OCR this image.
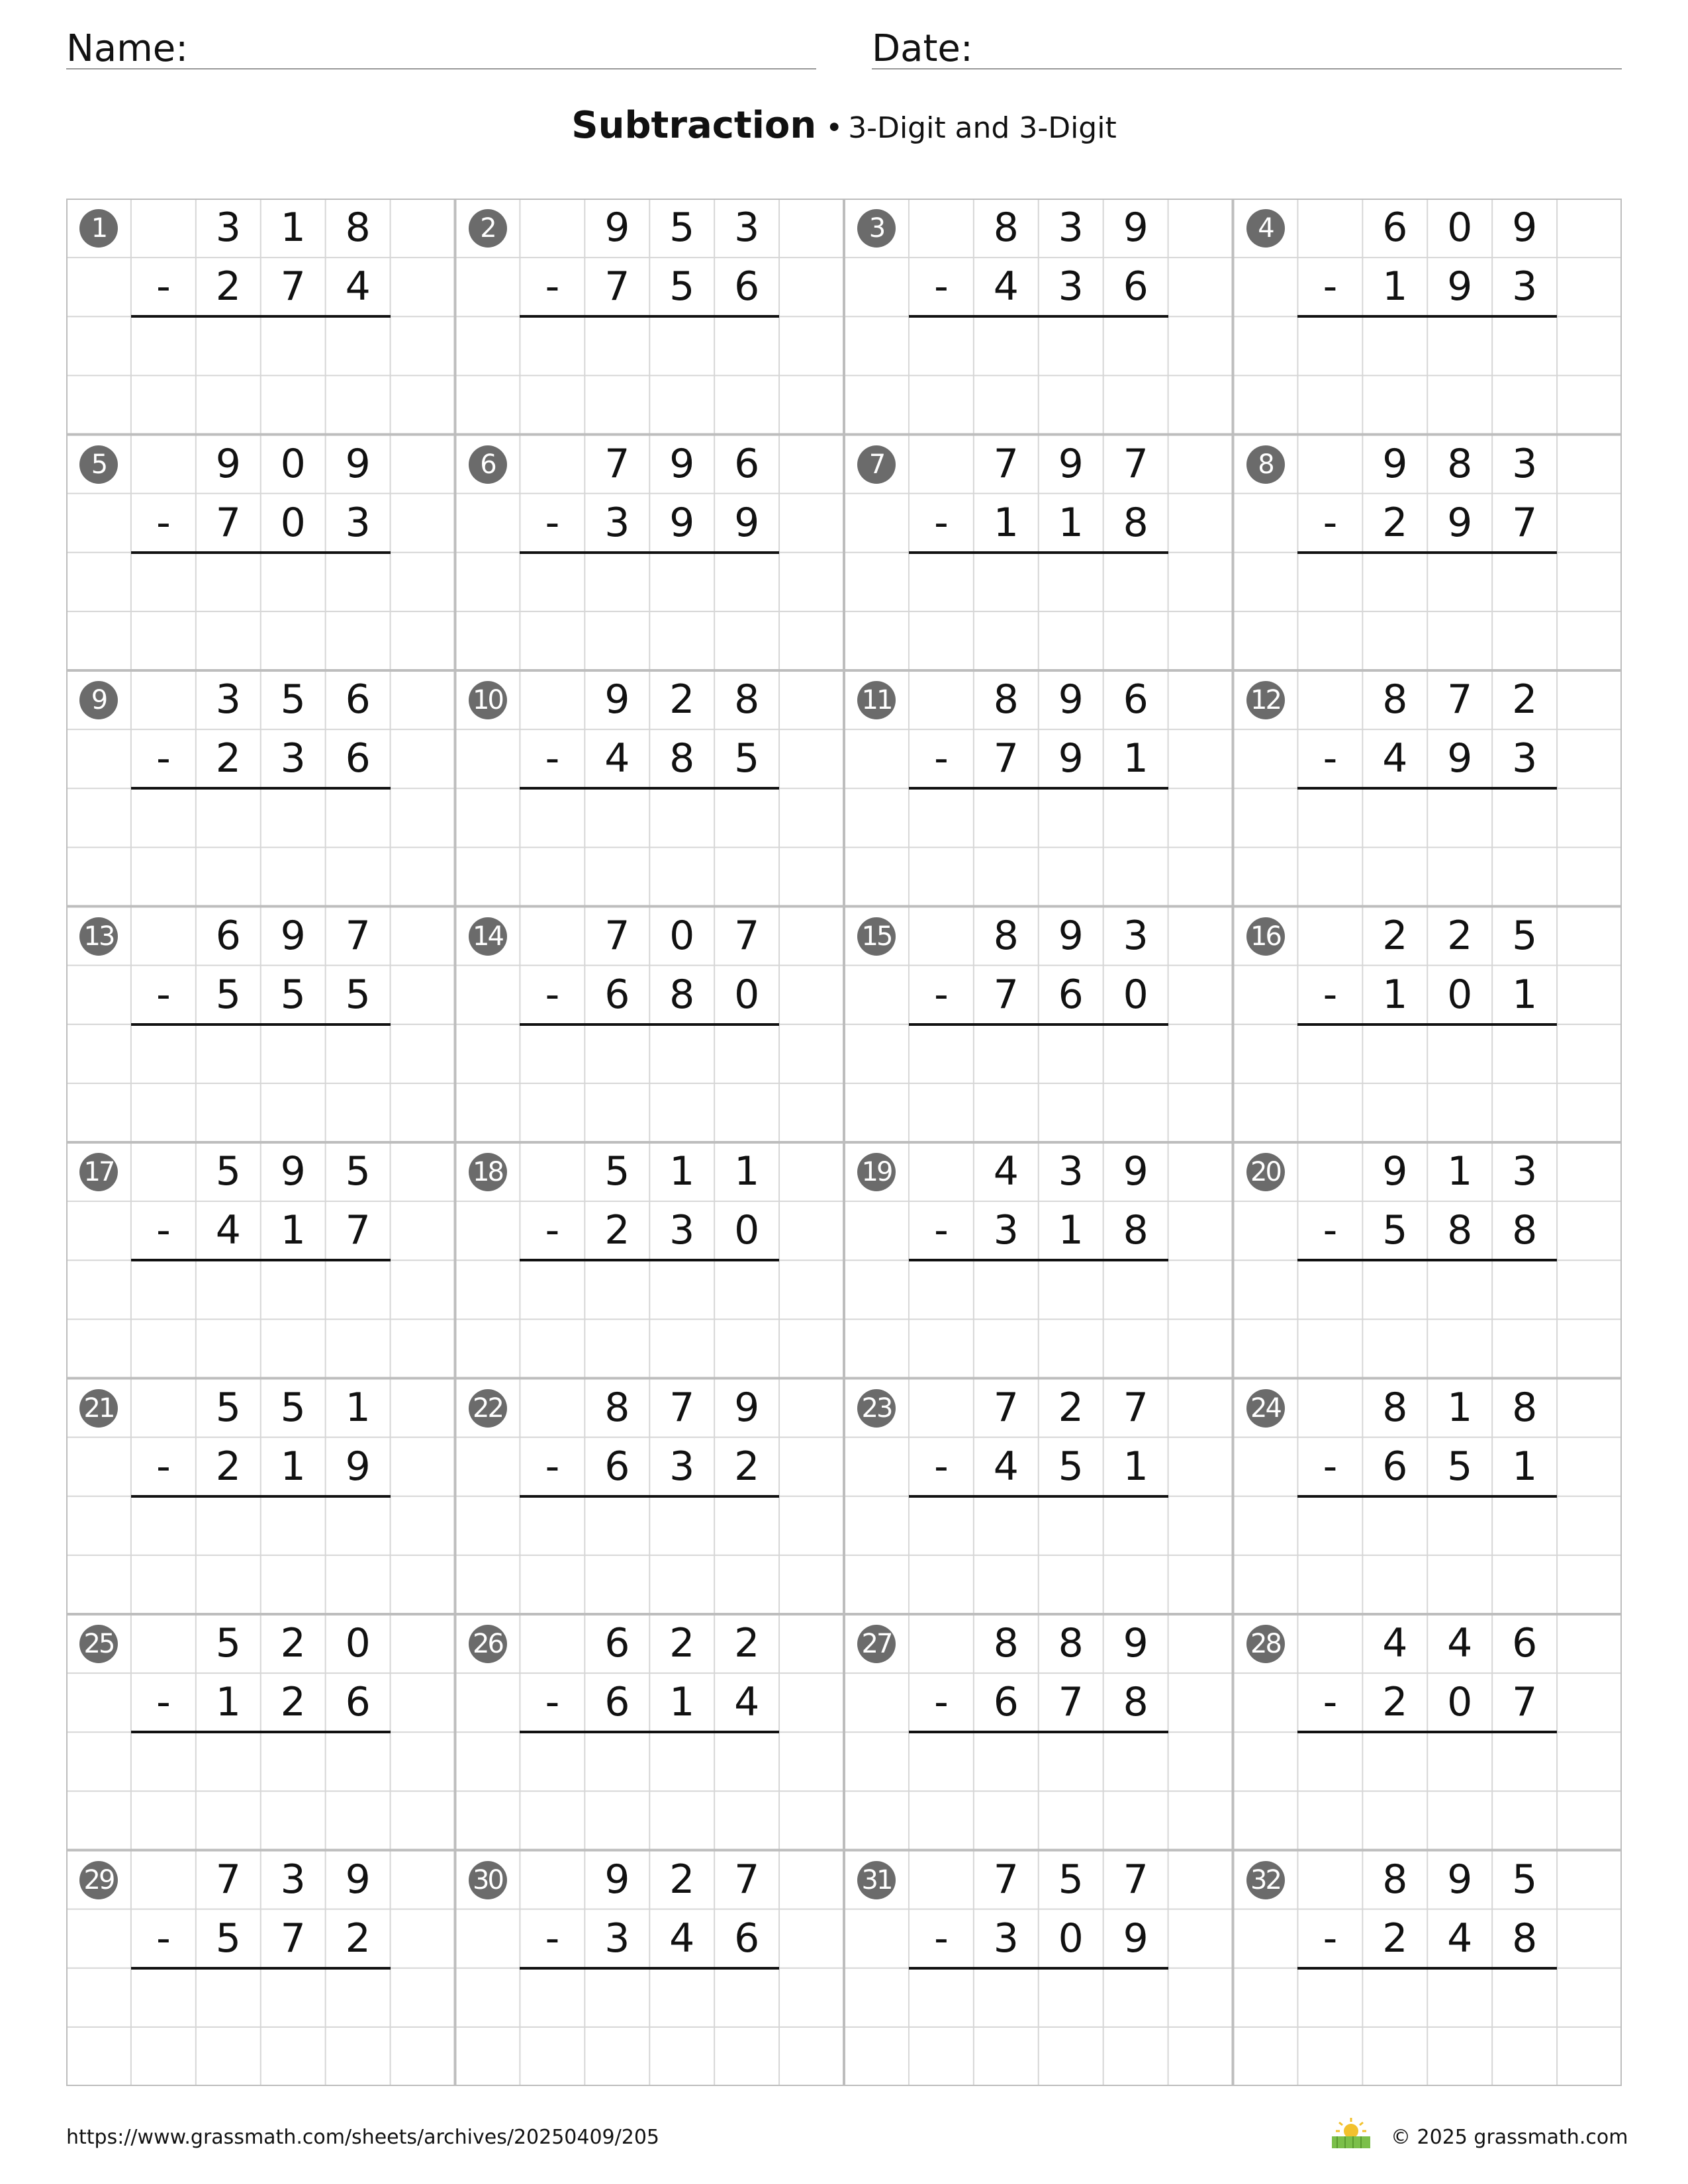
Name:	Date:
Subtraction • 3-Digit and 3-Digit
1	3
2
1
7
8
4
-
2	9
7
5
5
3
6
-
3	8
4
3
3
9
6
-
4	6
1
0
9
9
3
-
5	9
7
0
0
9
3
-
6	7
3
9
9
6
9
-
7	7
1
9
1
7
8
-
8	9
2
8
9
3
7
-
9	3
2
5
3
6
6
-
10	9
4
2
8
8
5
-
11	8
7
9
9
6
1
-
12	8
4
7
9
2
3
-
13	6
5
9
5
7
5
-
14	7
6
0
8
7
0
-
15	8
7
9
6
3
0
-
16	2
1
2
0
5
1
-
17	5
4
9
1
5
7
-
18	5
2
1
3
1
0
-
19	4
3
3
1
9
8
-
20	9
5
1
8
3
8
-
21	5
2
5
1
1
9
-
22	8
6
7
3
9
2
-
23	7
4
2
5
7
1
-
24	8
6
1
5
8
1
-
25	5
1
2
2
0
6
-
26	6
6
2
1
2
4
-
27	8
6
8
7
9
8
-
28	4
2
4
0
6
7
-
29	7
5
3
7
9
2
-
30	9
3
2
4
7
6
-
31	7
3
5
0
7
9
-
32	8
2
9
4
5
8
-
https://www.grassmath.com/sheets/archives/20250409/205	© 2025 grassmath.com
